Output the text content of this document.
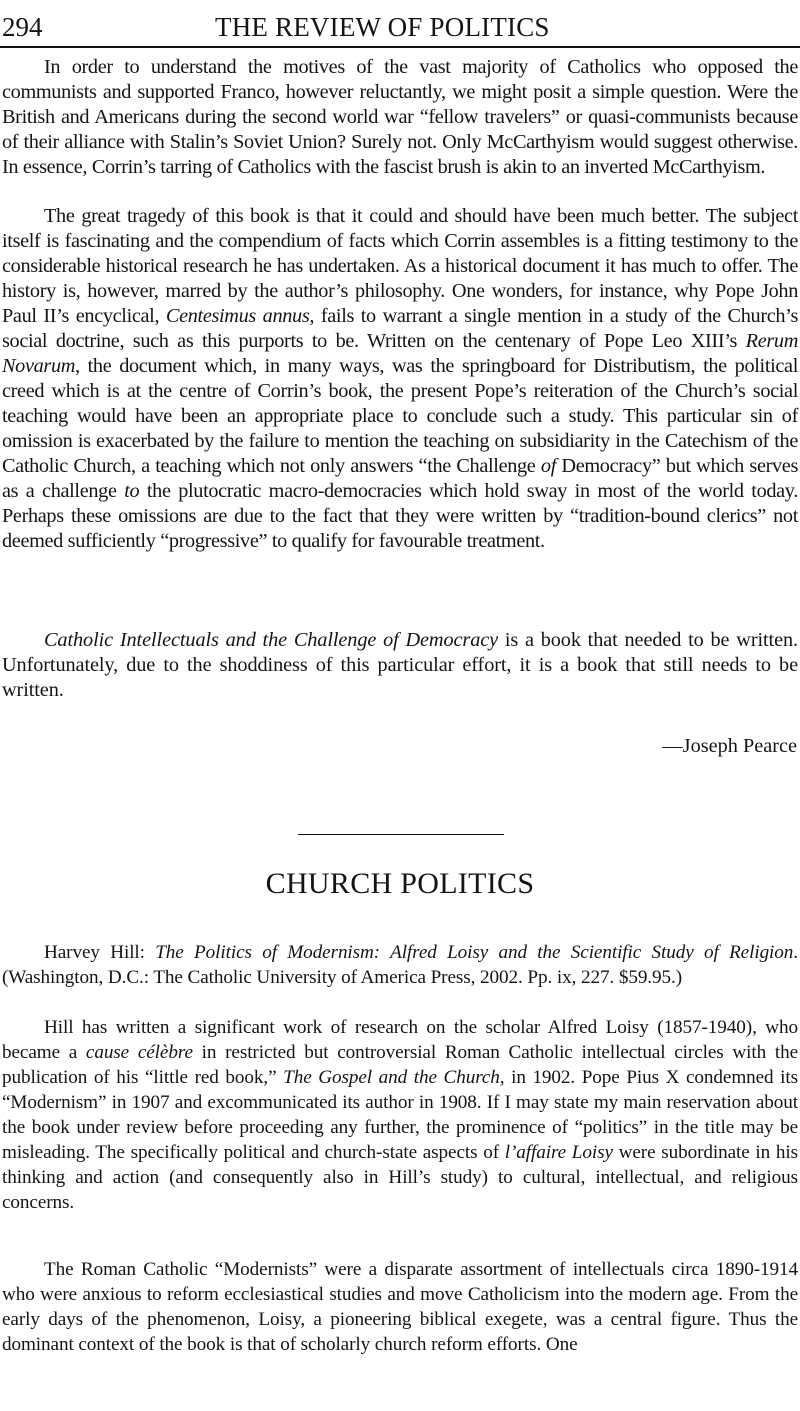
294	THE REVIEW OF POLITICS

In order to understand the motives of the vast majority of Catholics who opposed the communists and supported Franco, however reluctantly, we might posit a simple question. Were the British and Americans during the second world war “fellow travelers” or quasi-communists because of their alliance with Stalin’s Soviet Union? Surely not. Only McCarthyism would suggest otherwise. In essence, Corrin’s tarring of Catholics with the fascist brush is akin to an inverted McCarthyism.

The great tragedy of this book is that it could and should have been much better. The subject itself is fascinating and the compendium of facts which Corrin assembles is a fitting testimony to the considerable historical research he has undertaken. As a historical document it has much to offer. The history is, however, marred by the author’s philosophy. One wonders, for instance, why Pope John Paul II’s encyclical, Centesimus annus, fails to warrant a single mention in a study of the Church’s social doctrine, such as this purports to be. Written on the centenary of Pope Leo XIII’s Rerum Novarum, the document which, in many ways, was the springboard for Distributism, the political creed which is at the centre of Corrin’s book, the present Pope’s reiteration of the Church’s social teaching would have been an appropriate place to conclude such a study. This particular sin of omission is exacerbated by the failure to mention the teaching on subsidiarity in the Catechism of the Catholic Church, a teaching which not only answers “the Challenge of Democracy” but which serves as a challenge to the plutocratic macro-democracies which hold sway in most of the world today. Perhaps these omissions are due to the fact that they were written by “tradition-bound clerics” not deemed sufficiently “progressive” to qualify for favourable treatment.

Catholic Intellectuals and the Challenge of Democracy is a book that needed to be written. Unfortunately, due to the shoddiness of this particular effort, it is a book that still needs to be written.

—Joseph Pearce
CHURCH POLITICS

Harvey Hill: The Politics of Modernism: Alfred Loisy and the Scientific Study of Religion. (Washington, D.C.: The Catholic University of America Press, 2002. Pp. ix, 227. $59.95.)

Hill has written a significant work of research on the scholar Alfred Loisy (1857-1940), who became a cause célèbre in restricted but controversial Roman Catholic intellectual circles with the publication of his “little red book,” The Gospel and the Church, in 1902. Pope Pius X condemned its “Modernism” in 1907 and excommunicated its author in 1908. If I may state my main reservation about the book under review before proceeding any further, the prominence of “politics” in the title may be misleading. The specifically political and church-state aspects of l’affaire Loisy were subordinate in his thinking and action (and consequently also in Hill’s study) to cultural, intellectual, and religious concerns.

The Roman Catholic “Modernists” were a disparate assortment of intellectuals circa 1890-1914 who were anxious to reform ecclesiastical studies and move Catholicism into the modern age. From the early days of the phenomenon, Loisy, a pioneering biblical exegete, was a central figure. Thus the dominant context of the book is that of scholarly church reform efforts. One
